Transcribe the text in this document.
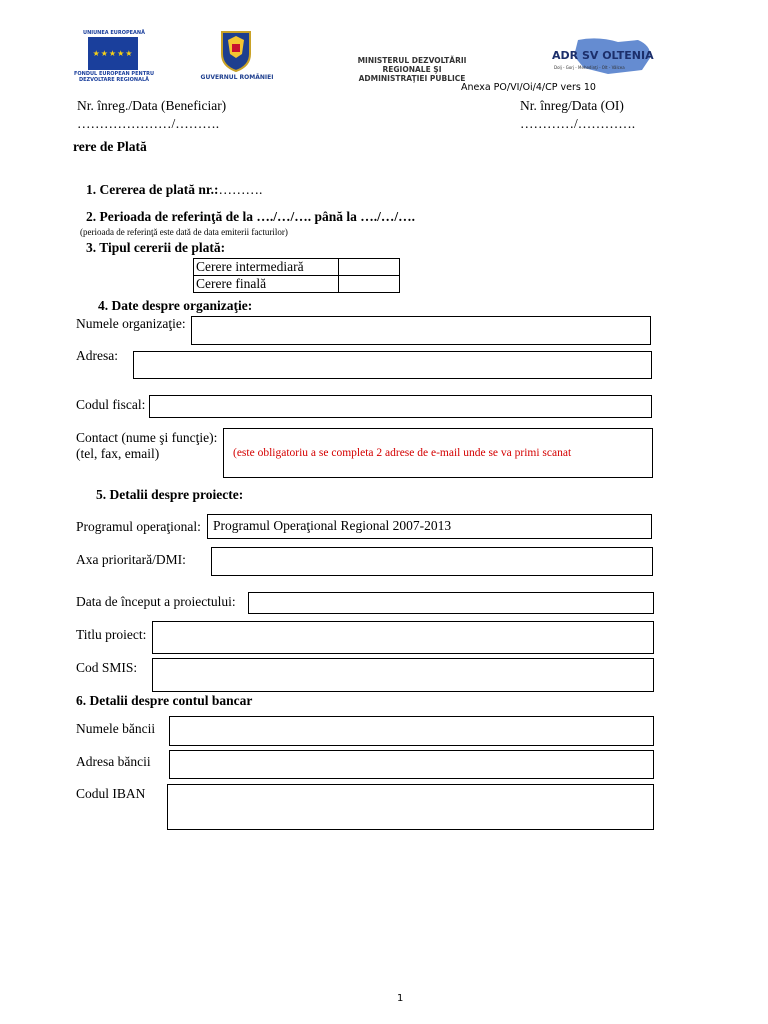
UNIUNEA EUROPEANĂ
★★★★★
FONDUL EUROPEAN PENTRU DEZVOLTARE REGIONALĂ	GUVERNUL ROMÂNIEI
MINISTERUL DEZVOLTĂRII REGIONALE ŞI ADMINISTRAŢIEI PUBLICE
ADR SV OLTENIA
Dolj - Gorj - Mehedinţi - Olt - Vâlcea
Anexa PO/VI/Oi/4/CP vers 10
Nr. înreg./Data (Beneficiar)
…………………/……….
Nr. înreg/Data (OI)
…………/………….
rere de Plată
1. Cererea de plată nr.:……….
2. Perioada de referinţă de la …./…/…. până la …./…/….
(perioada de referinţă este dată de data emiterii facturilor)
3. Tipul cererii de plată:
Cerere intermediară	
Cerere finală	
4. Date despre organizaţie:
Numele organizaţie:
Adresa:
Codul fiscal:
Contact (nume şi funcţie):
(tel, fax, email)	(este obligatoriu a se completa 2 adrese de e-mail unde se va primi scanat
5. Detalii despre proiecte:
Programul operaţional: Programul Operaţional Regional 2007-2013
Axa prioritară/DMI:
Data de început a proiectului:
Titlu proiect:
Cod SMIS:
6. Detalii despre contul bancar
Numele băncii
Adresa băncii
Codul IBAN
1
